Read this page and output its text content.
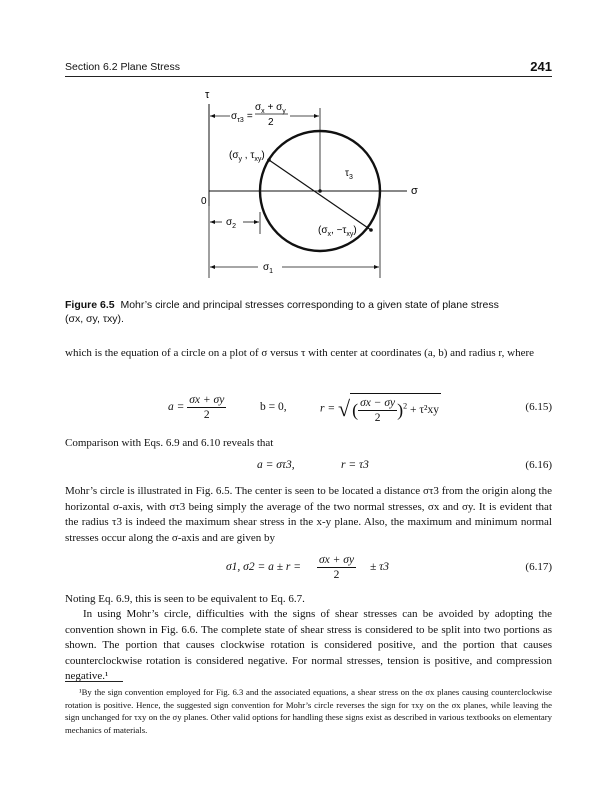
Section 6.2 Plane Stress	241
τ
σ
0
$\sigma_{\tau 3}$ =
$\sigma_x + \sigma_y$
2
($\sigma_y$ , $\tau_{xy}$)
$\tau_3$
$\sigma_2$	($\sigma_x$, $-\tau_{xy}$)
$\sigma_1$
Figure 6.5 Mohr’s circle and principal stresses corresponding to a given state of plane stress
(σx, σy, τxy).
which is the equation of a circle on a plot of σ versus τ with center at coordinates (a, b) and radius r, where
$a = \frac{\sigma x + \sigma y}{2}$	b = 0,	r = √ ( $\frac{\sigma x - \sigma y}{2} )^2 + \tau^2xy$	(6.15)
Comparison with Eqs. 6.9 and 6.10 reveals that
a = στ3,	r = τ3	(6.16)
Mohr’s circle is illustrated in Fig. 6.5. The center is seen to be located a distance στ3 from the origin along the horizontal σ-axis, with στ3 being simply the average of the two normal stresses, σx and σy. It is evident that the radius τ3 is indeed the maximum shear stress in the x-y plane. Also, the maximum and minimum normal stresses occur along the σ-axis and are given by
σ1, $\sigma 2 = a \pm r = \frac{\sigma x + \sigma y}{2} \pm \tau 3$	(6.17)
Noting Eq. 6.9, this is seen to be equivalent to Eq. 6.7.
In using Mohr’s circle, difficulties with the signs of shear stresses can be avoided by adopting the convention shown in Fig. 6.6. The complete state of shear stress is considered to be split into two portions as shown. The portion that causes clockwise rotation is considered positive, and the portion that causes counterclockwise rotation is considered negative. For normal stresses, tension is positive, and compression negative.¹
¹By the sign convention employed for Fig. 6.3 and the associated equations, a shear stress on the σx planes causing counterclockwise rotation is positive. Hence, the suggested sign convention for Mohr’s circle reverses the sign for τxy on the σx planes, while leaving the sign unchanged for τxy on the σy planes. Other valid options for handling these signs exist as described in various textbooks on elementary mechanics of materials.
